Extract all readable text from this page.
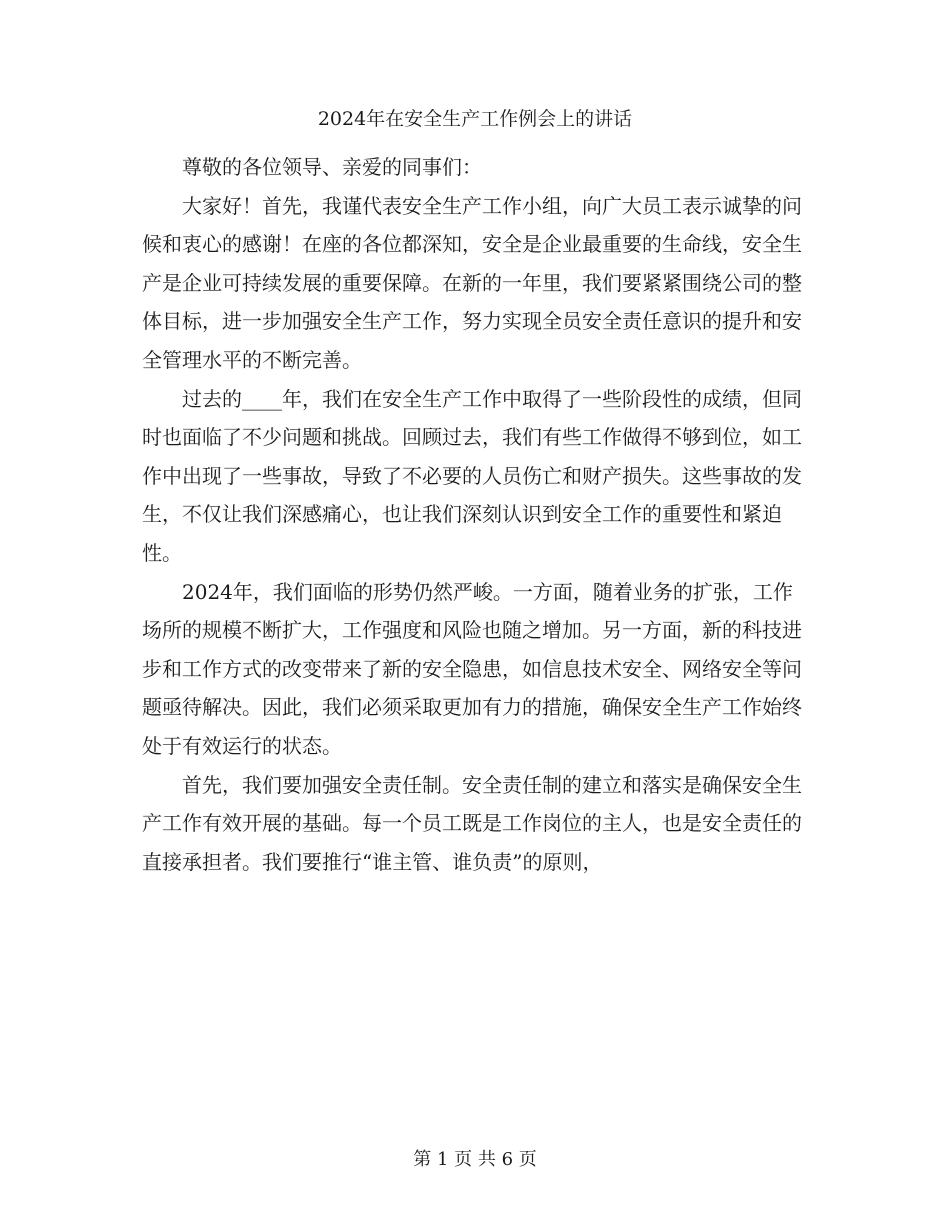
2024年在安全生产工作例会上的讲话

尊敬的各位领导、亲爱的同事们：

大家好！首先，我谨代表安全生产工作小组，向广大员工表示诚挚的问候和衷心的感谢！在座的各位都深知，安全是企业最重要的生命线，安全生产是企业可持续发展的重要保障。在新的一年里，我们要紧紧围绕公司的整体目标，进一步加强安全生产工作，努力实现全员安全责任意识的提升和安全管理水平的不断完善。

过去的____年，我们在安全生产工作中取得了一些阶段性的成绩，但同时也面临了不少问题和挑战。回顾过去，我们有些工作做得不够到位，如工作中出现了一些事故，导致了不必要的人员伤亡和财产损失。这些事故的发生，不仅让我们深感痛心，也让我们深刻认识到安全工作的重要性和紧迫性。

2024年，我们面临的形势仍然严峻。一方面，随着业务的扩张，工作场所的规模不断扩大，工作强度和风险也随之增加。另一方面，新的科技进步和工作方式的改变带来了新的安全隐患，如信息技术安全、网络安全等问题亟待解决。因此，我们必须采取更加有力的措施，确保安全生产工作始终处于有效运行的状态。

首先，我们要加强安全责任制。安全责任制的建立和落实是确保安全生产工作有效开展的基础。每一个员工既是工作岗位的主人，也是安全责任的直接承担者。我们要推行“谁主管、谁负责”的原则，

第 1 页 共 6 页
